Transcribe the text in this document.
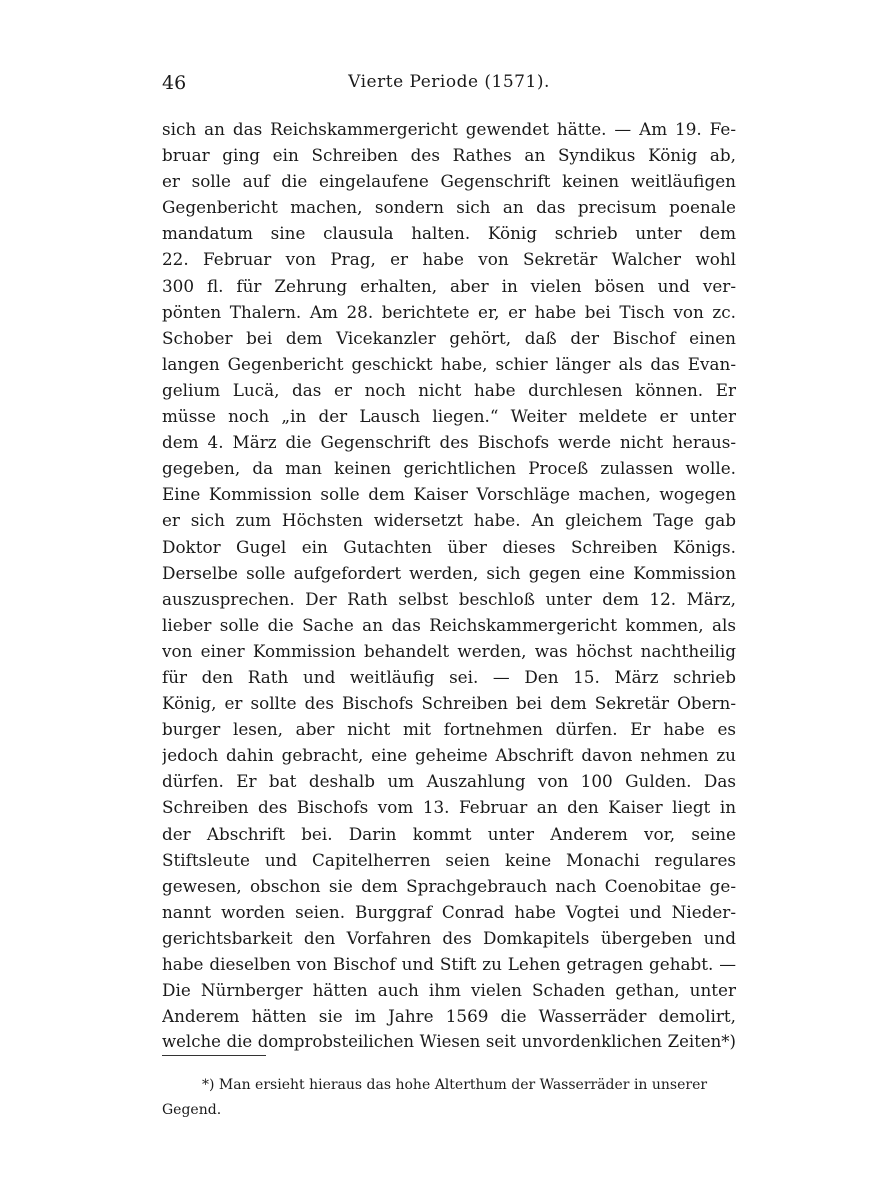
46	Vierte Periode (1571).
sich an das Reichskammergericht gewendet hätte. — Am 19. Fe-
bruar ging ein Schreiben des Rathes an Syndikus König ab,
er solle auf die eingelaufene Gegenschrift keinen weitläufigen
Gegenbericht machen, sondern sich an das precisum poenale
mandatum sine clausula halten. König schrieb unter dem
22. Februar von Prag, er habe von Sekretär Walcher wohl
300 fl. für Zehrung erhalten, aber in vielen bösen und ver-
pönten Thalern. Am 28. berichtete er, er habe bei Tisch von zc.
Schober bei dem Vicekanzler gehört, daß der Bischof einen
langen Gegenbericht geschickt habe, schier länger als das Evan-
gelium Lucä, das er noch nicht habe durchlesen können. Er
müsse noch „in der Lausch liegen.“ Weiter meldete er unter
dem 4. März die Gegenschrift des Bischofs werde nicht heraus-
gegeben, da man keinen gerichtlichen Proceß zulassen wolle.
Eine Kommission solle dem Kaiser Vorschläge machen, wogegen
er sich zum Höchsten widersetzt habe. An gleichem Tage gab
Doktor Gugel ein Gutachten über dieses Schreiben Königs.
Derselbe solle aufgefordert werden, sich gegen eine Kommission
auszusprechen. Der Rath selbst beschloß unter dem 12. März,
lieber solle die Sache an das Reichskammergericht kommen, als
von einer Kommission behandelt werden, was höchst nachtheilig
für den Rath und weitläufig sei. — Den 15. März schrieb
König, er sollte des Bischofs Schreiben bei dem Sekretär Obern-
burger lesen, aber nicht mit fortnehmen dürfen. Er habe es
jedoch dahin gebracht, eine geheime Abschrift davon nehmen zu
dürfen. Er bat deshalb um Auszahlung von 100 Gulden. Das
Schreiben des Bischofs vom 13. Februar an den Kaiser liegt in
der Abschrift bei. Darin kommt unter Anderem vor, seine
Stiftsleute und Capitelherren seien keine Monachi regulares
gewesen, obschon sie dem Sprachgebrauch nach Coenobitae ge-
nannt worden seien. Burggraf Conrad habe Vogtei und Nieder-
gerichtsbarkeit den Vorfahren des Domkapitels übergeben und
habe dieselben von Bischof und Stift zu Lehen getragen gehabt. —
Die Nürnberger hätten auch ihm vielen Schaden gethan, unter
Anderem hätten sie im Jahre 1569 die Wasserräder demolirt,
welche die domprobsteilichen Wiesen seit unvordenklichen Zeiten*)
*) Man ersieht hieraus das hohe Alterthum der Wasserräder in unserer
Gegend.
